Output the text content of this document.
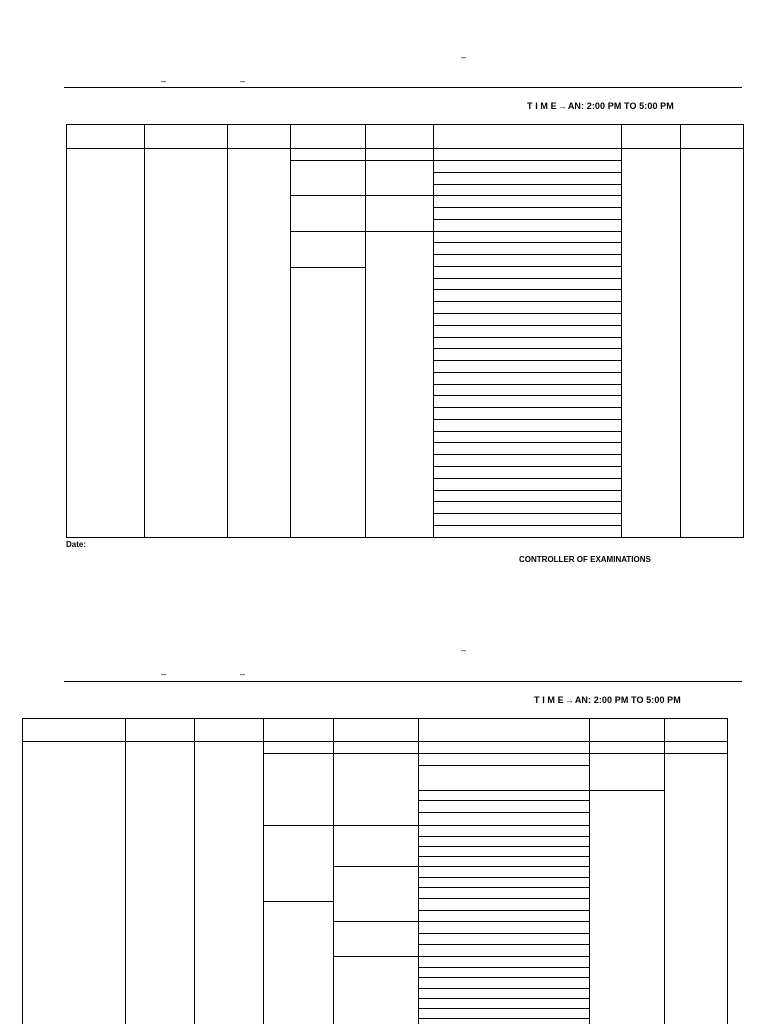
–
–	–
T I M E→AN: 2:00 PM TO 5:00 PM
Date:
CONTROLLER OF EXAMINATIONS
–
–	–
T I M E→AN: 2:00 PM TO 5:00 PM
